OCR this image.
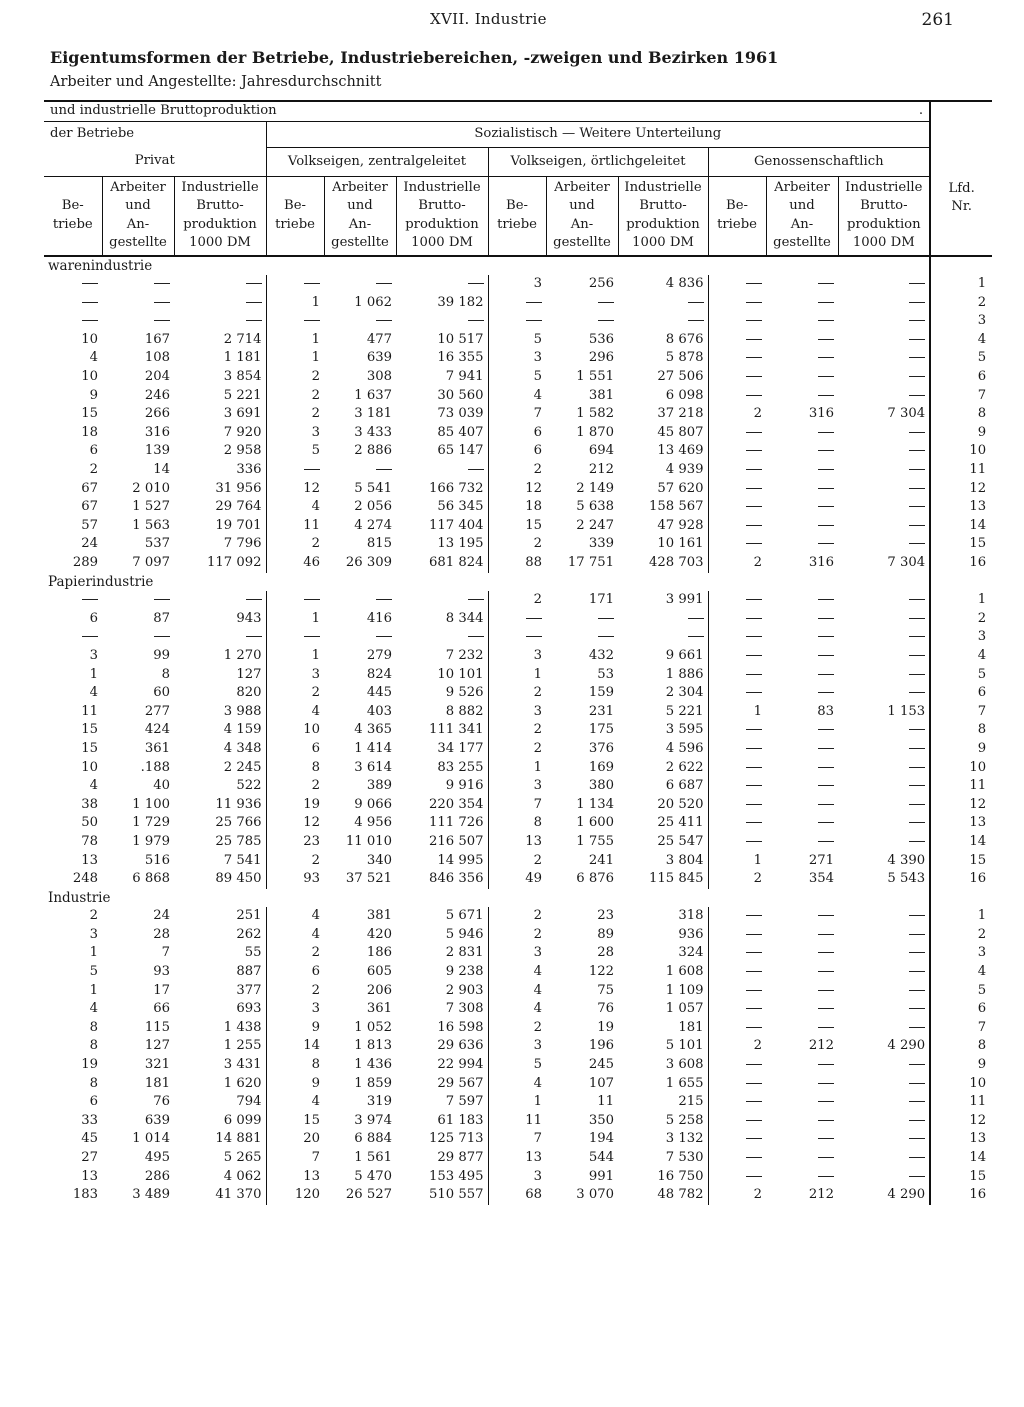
XVII. Industrie	261
Eigentumsformen der Betriebe, Industriebereichen, -zweigen und Bezirken 1961
Arbeiter und Angestellte: Jahresdurchschnitt
und industrielle Bruttoproduktion .												Lfd.
Nr.

der Betriebe			Sozialistisch — Weitere Unterteilung									
Privat			Volkseigen, zentralgeleitet			Volkseigen, örtlichgeleitet			Genossenschaftlich			
Be-
triebe	Arbeiter
und
An-
gestellte	Industrielle
Brutto-
produktion
1000 DM	Be-
triebe	Arbeiter
und
An-
gestellte	Industrielle
Brutto-
produktion
1000 DM	Be-
triebe	Arbeiter
und
An-
gestellte	Industrielle
Brutto-
produktion
1000 DM	Be-
triebe	Arbeiter
und
An-
gestellte	Industrielle
Brutto-
produktion
1000 DM	
warenindustrie												
						3	256	4 836				1
			1	1 062	39 182							2
												3
10	167	2 714	1	477	10 517	5	536	8 676				4
4	108	1 181	1	639	16 355	3	296	5 878				5
10	204	3 854	2	308	7 941	5	1 551	27 506				6
9	246	5 221	2	1 637	30 560	4	381	6 098				7
15	266	3 691	2	3 181	73 039	7	1 582	37 218	2	316	7 304	8
18	316	7 920	3	3 433	85 407	6	1 870	45 807				9
6	139	2 958	5	2 886	65 147	6	694	13 469				10
2	14	336				2	212	4 939				11
67	2 010	31 956	12	5 541	166 732	12	2 149	57 620				12
67	1 527	29 764	4	2 056	56 345	18	5 638	158 567				13
57	1 563	19 701	11	4 274	117 404	15	2 247	47 928				14
24	537	7 796	2	815	13 195	2	339	10 161				15
289	7 097	117 092	46	26 309	681 824	88	17 751	428 703	2	316	7 304	16
Papierindustrie												
						2	171	3 991				1
6	87	943	1	416	8 344							2
												3
3	99	1 270	1	279	7 232	3	432	9 661				4
1	8	127	3	824	10 101	1	53	1 886				5
4	60	820	2	445	9 526	2	159	2 304				6
11	277	3 988	4	403	8 882	3	231	5 221	1	83	1 153	7
15	424	4 159	10	4 365	111 341	2	175	3 595				8
15	361	4 348	6	1 414	34 177	2	376	4 596				9
10	.188	2 245	8	3 614	83 255	1	169	2 622				10
4	40	522	2	389	9 916	3	380	6 687				11
38	1 100	11 936	19	9 066	220 354	7	1 134	20 520				12
50	1 729	25 766	12	4 956	111 726	8	1 600	25 411				13
78	1 979	25 785	23	11 010	216 507	13	1 755	25 547				14
13	516	7 541	2	340	14 995	2	241	3 804	1	271	4 390	15
248	6 868	89 450	93	37 521	846 356	49	6 876	115 845	2	354	5 543	16
Industrie												
2	24	251	4	381	5 671	2	23	318				1
3	28	262	4	420	5 946	2	89	936				2
1	7	55	2	186	2 831	3	28	324				3
5	93	887	6	605	9 238	4	122	1 608				4
1	17	377	2	206	2 903	4	75	1 109				5
4	66	693	3	361	7 308	4	76	1 057				6
8	115	1 438	9	1 052	16 598	2	19	181				7
8	127	1 255	14	1 813	29 636	3	196	5 101	2	212	4 290	8
19	321	3 431	8	1 436	22 994	5	245	3 608				9
8	181	1 620	9	1 859	29 567	4	107	1 655				10
6	76	794	4	319	7 597	1	11	215				11
33	639	6 099	15	3 974	61 183	11	350	5 258				12
45	1 014	14 881	20	6 884	125 713	7	194	3 132				13
27	495	5 265	7	1 561	29 877	13	544	7 530				14
13	286	4 062	13	5 470	153 495	3	991	16 750				15
183	3 489	41 370	120	26 527	510 557	68	3 070	48 782	2	212	4 290	16
